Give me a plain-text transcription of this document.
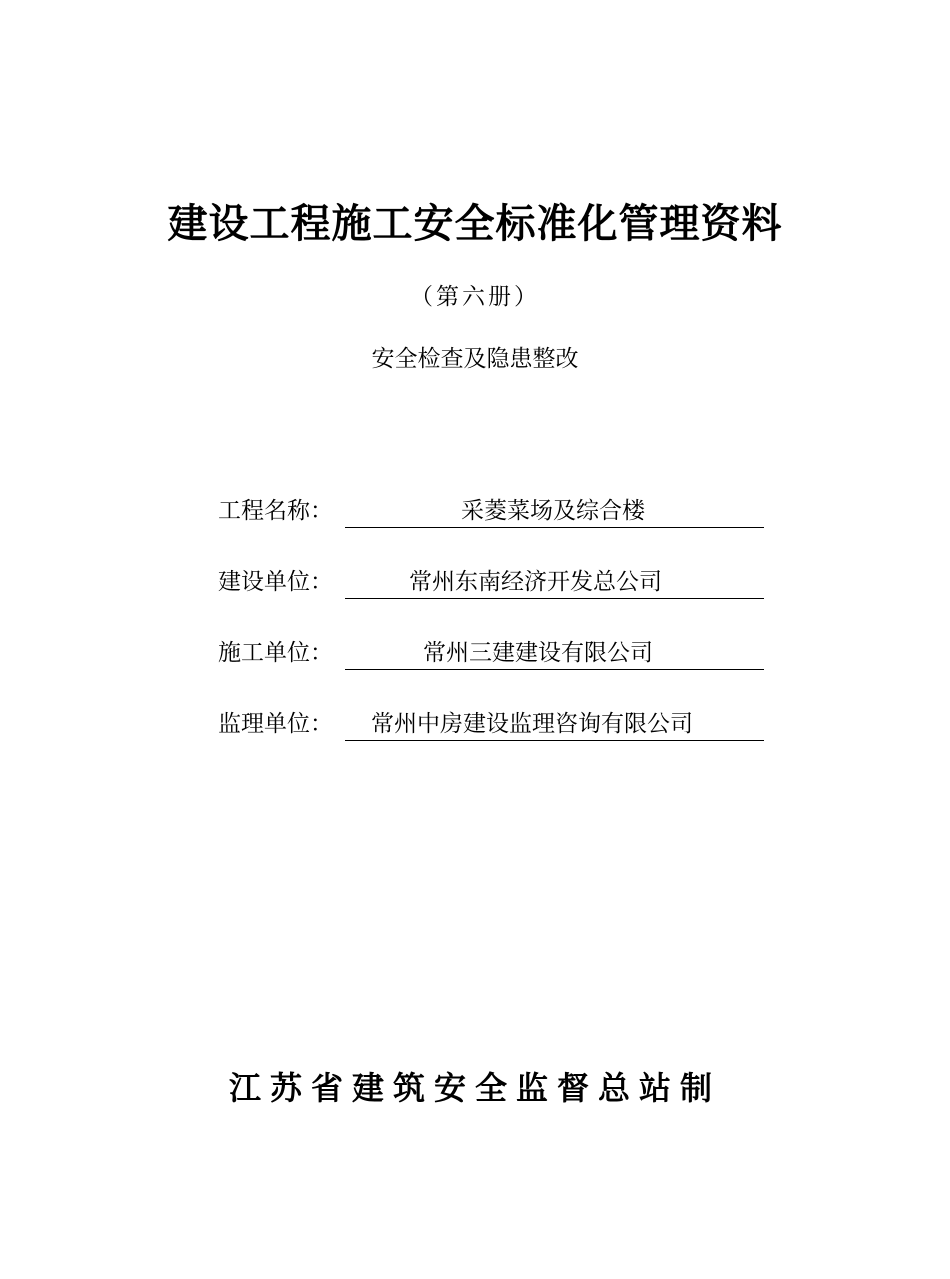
建设工程施工安全标准化管理资料
（第六册）
安全检查及隐患整改
工程名称：	采菱菜场及综合楼
建设单位：	常州东南经济开发总公司
施工单位：	常州三建建设有限公司
监理单位：	常州中房建设监理咨询有限公司
江苏省建筑安全监督总站制
